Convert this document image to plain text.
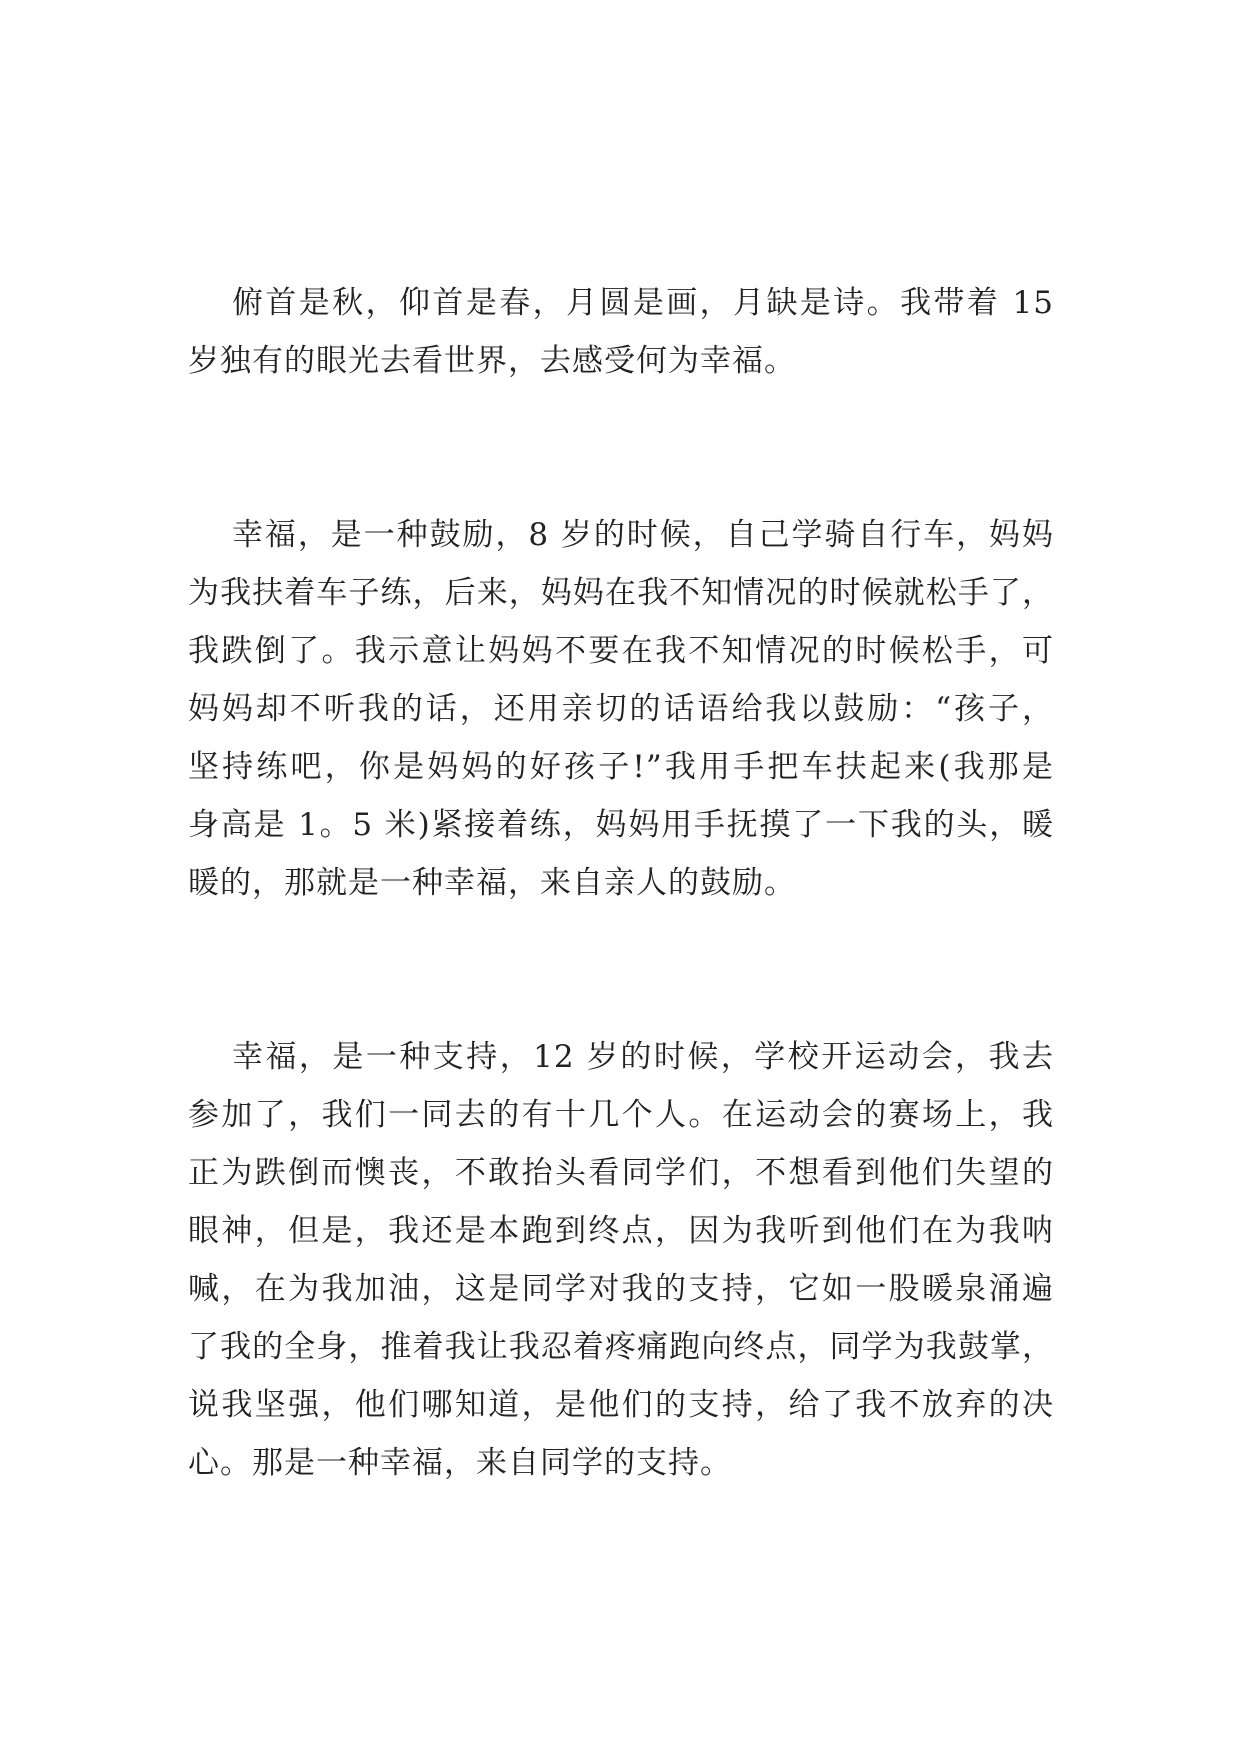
俯首是秋，仰首是春，月圆是画，月缺是诗。我带着 15
岁独有的眼光去看世界，去感受何为幸福。
幸福，是一种鼓励，8 岁的时候，自己学骑自行车，妈妈
为我扶着车子练，后来，妈妈在我不知情况的时候就松手了，
我跌倒了。我示意让妈妈不要在我不知情况的时候松手，可
妈妈却不听我的话，还用亲切的话语给我以鼓励：“孩子，
坚持练吧，你是妈妈的好孩子!”我用手把车扶起来(我那是
身高是 1。5 米)紧接着练，妈妈用手抚摸了一下我的头，暖
暖的，那就是一种幸福，来自亲人的鼓励。
幸福，是一种支持，12 岁的时候，学校开运动会，我去
参加了，我们一同去的有十几个人。在运动会的赛场上，我
正为跌倒而懊丧，不敢抬头看同学们，不想看到他们失望的
眼神，但是，我还是本跑到终点，因为我听到他们在为我呐
喊，在为我加油，这是同学对我的支持，它如一股暖泉涌遍
了我的全身，推着我让我忍着疼痛跑向终点，同学为我鼓掌，
说我坚强，他们哪知道，是他们的支持，给了我不放弃的决
心。那是一种幸福，来自同学的支持。
